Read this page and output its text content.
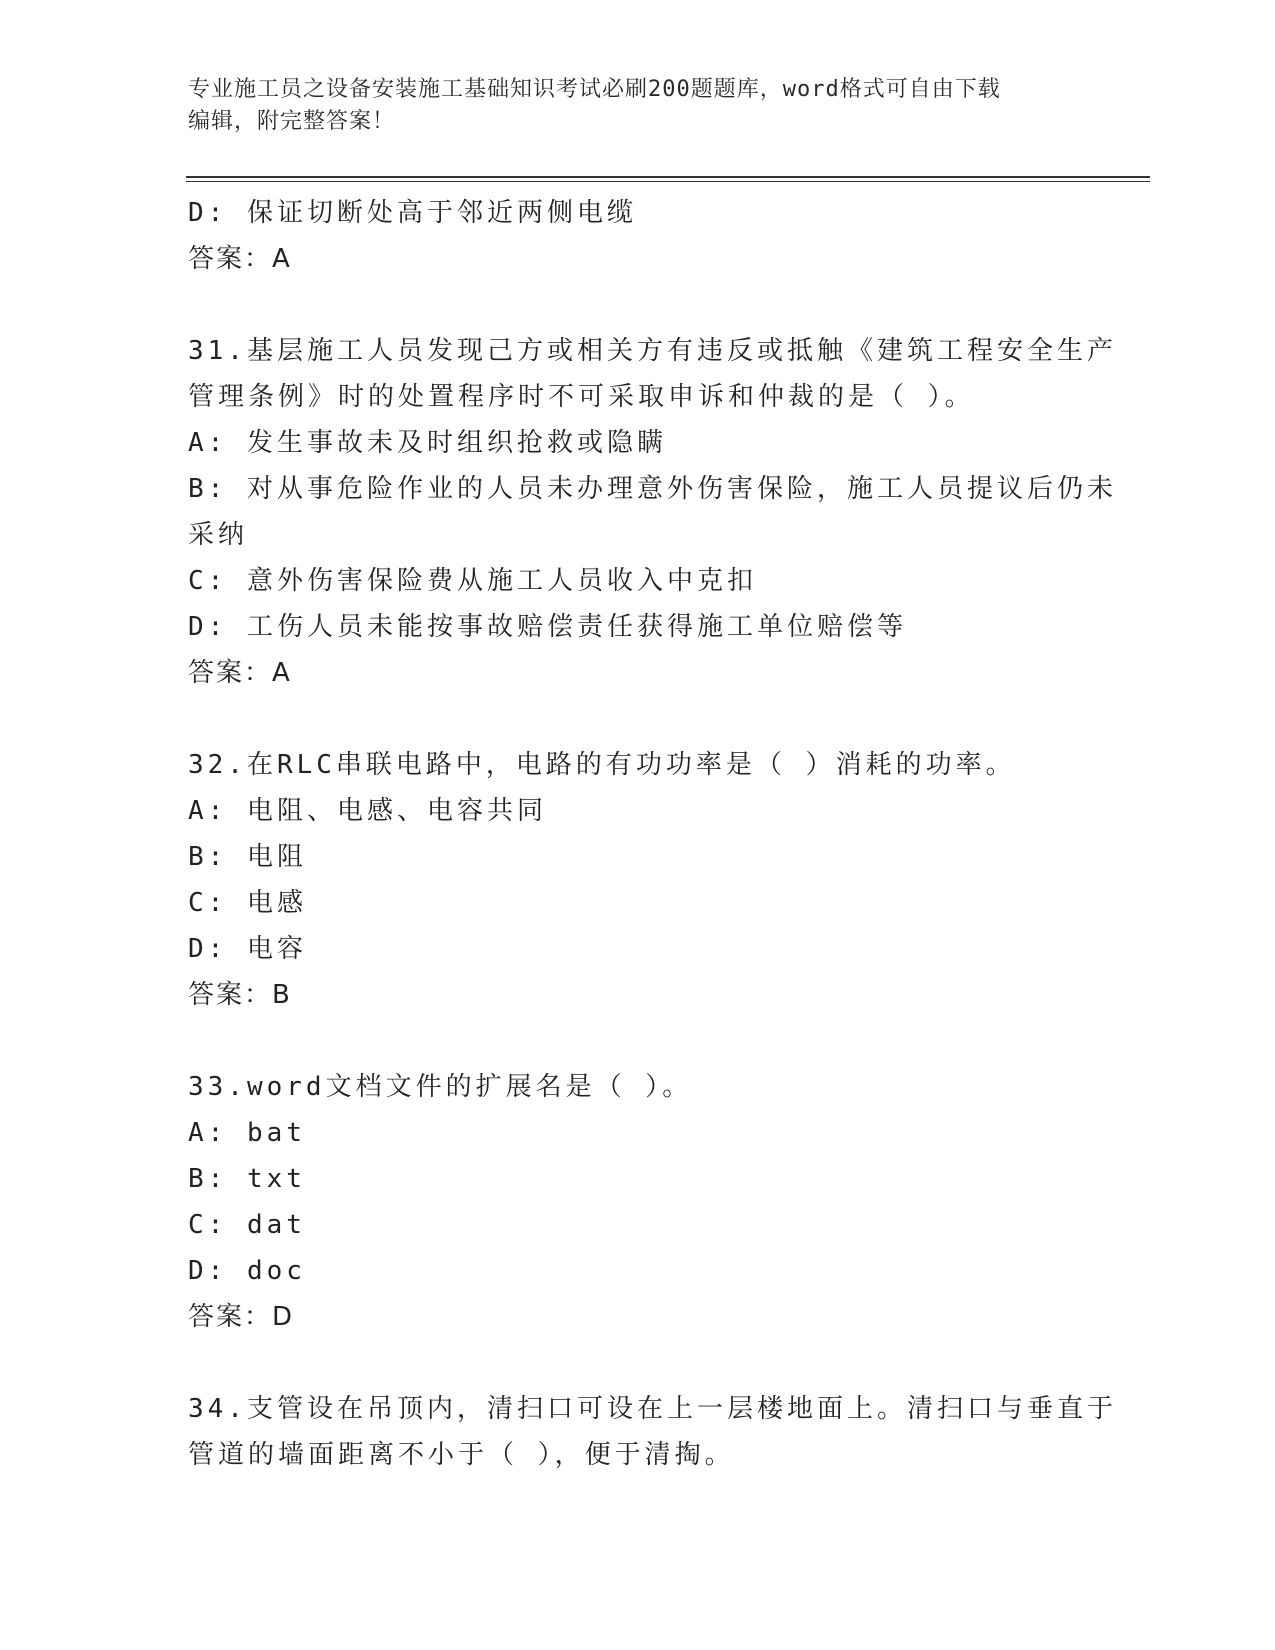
专业施工员之设备安装施工基础知识考试必刷200题题库，word格式可自由下载
编辑，附完整答案！
D: 保证切断处高于邻近两侧电缆
答案：A
31.基层施工人员发现己方或相关方有违反或抵触《建筑工程安全生产
管理条例》时的处置程序时不可采取申诉和仲裁的是（ ）。
A: 发生事故未及时组织抢救或隐瞒
B: 对从事危险作业的人员未办理意外伤害保险，施工人员提议后仍未
采纳
C: 意外伤害保险费从施工人员收入中克扣
D: 工伤人员未能按事故赔偿责任获得施工单位赔偿等
答案：A
32.在RLC串联电路中，电路的有功功率是（ ）消耗的功率。
A: 电阻、电感、电容共同
B: 电阻
C: 电感
D: 电容
答案：B
33.word文档文件的扩展名是（ ）。
A: bat
B: txt
C: dat
D: doc
答案：D
34.支管设在吊顶内，清扫口可设在上一层楼地面上。清扫口与垂直于
管道的墙面距离不小于（ ），便于清掏。
